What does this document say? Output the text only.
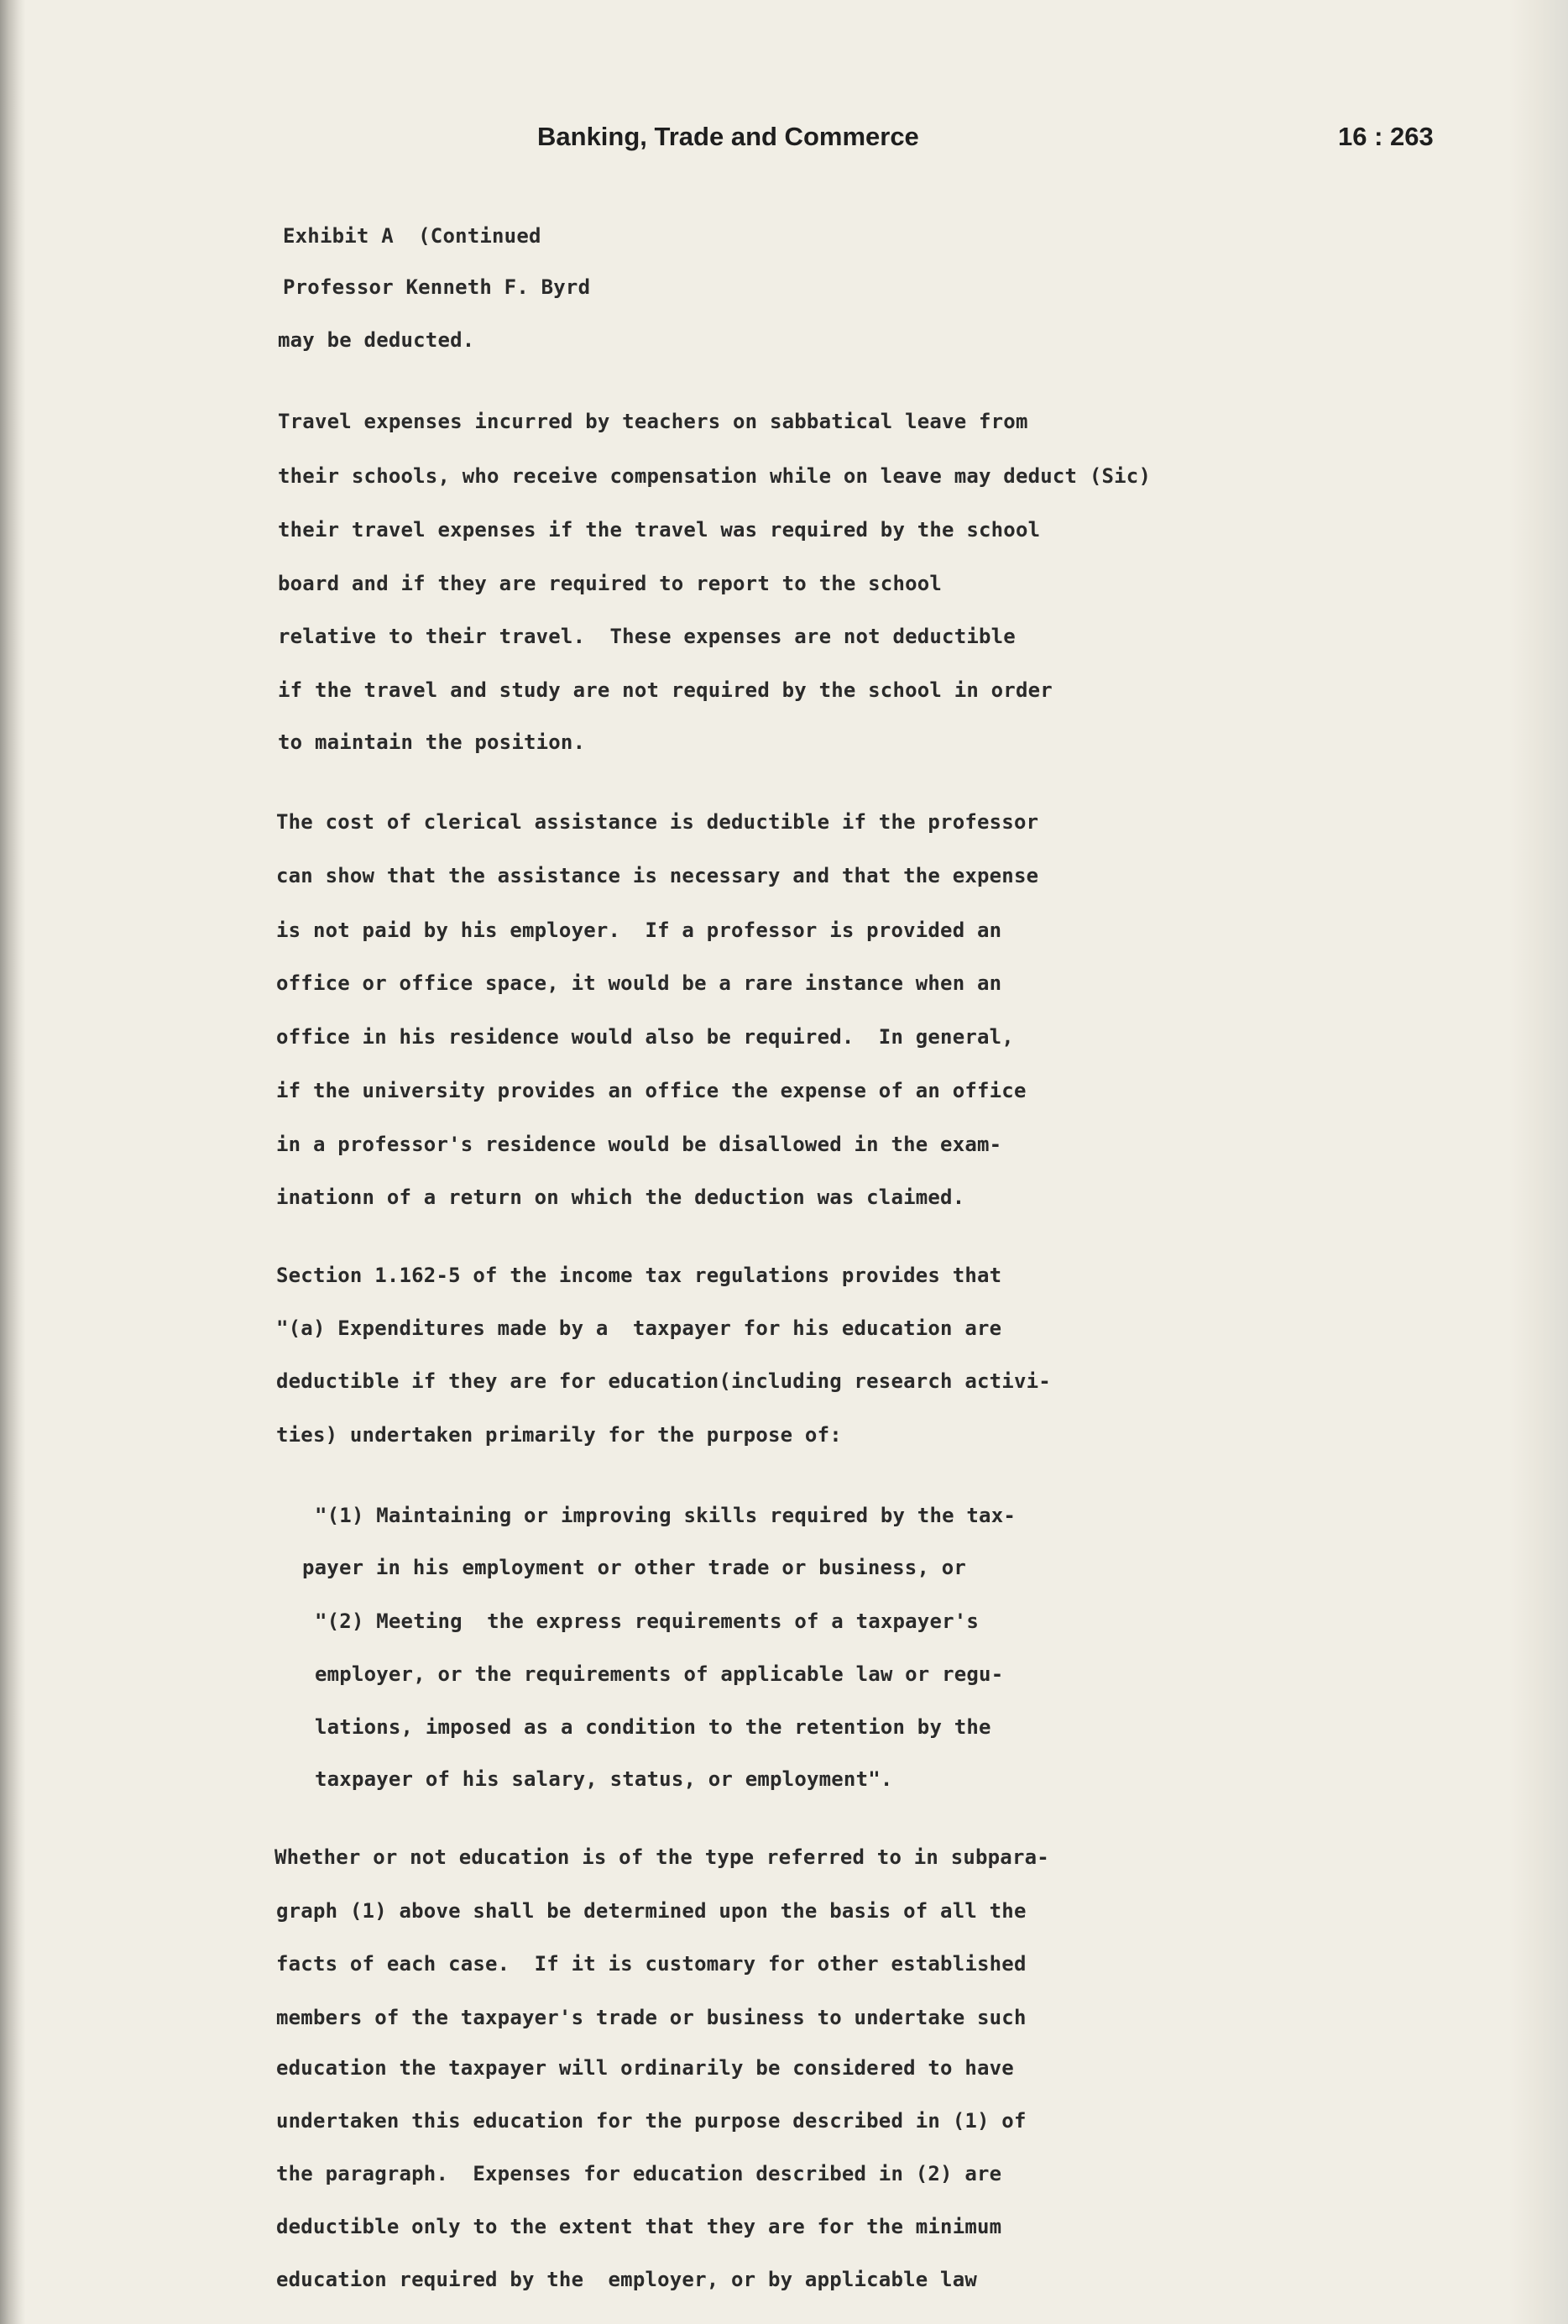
Banking, Trade and Commerce	16 : 263
Exhibit A  (Continued
Professor Kenneth F. Byrd
may be deducted.
Travel expenses incurred by teachers on sabbatical leave from
their schools, who receive compensation while on leave may deduct (Sic)
their travel expenses if the travel was required by the school
board and if they are required to report to the school
relative to their travel.  These expenses are not deductible
if the travel and study are not required by the school in order
to maintain the position.
The cost of clerical assistance is deductible if the professor
can show that the assistance is necessary and that the expense
is not paid by his employer.  If a professor is provided an
office or office space, it would be a rare instance when an
office in his residence would also be required.  In general,
if the university provides an office the expense of an office
in a professor's residence would be disallowed in the exam-
inationn of a return on which the deduction was claimed.
Section 1.162-5 of the income tax regulations provides that
"(a) Expenditures made by a  taxpayer for his education are
deductible if they are for education(including research activi-
ties) undertaken primarily for the purpose of:
"(1) Maintaining or improving skills required by the tax-
payer in his employment or other trade or business, or
"(2) Meeting  the express requirements of a taxpayer's
employer, or the requirements of applicable law or regu-
lations, imposed as a condition to the retention by the
taxpayer of his salary, status, or employment".
Whether or not education is of the type referred to in subpara-
graph (1) above shall be determined upon the basis of all the
facts of each case.  If it is customary for other established
members of the taxpayer's trade or business to undertake such
education the taxpayer will ordinarily be considered to have
undertaken this education for the purpose described in (1) of
the paragraph.  Expenses for education described in (2) are
deductible only to the extent that they are for the minimum
education required by the  employer, or by applicable law
